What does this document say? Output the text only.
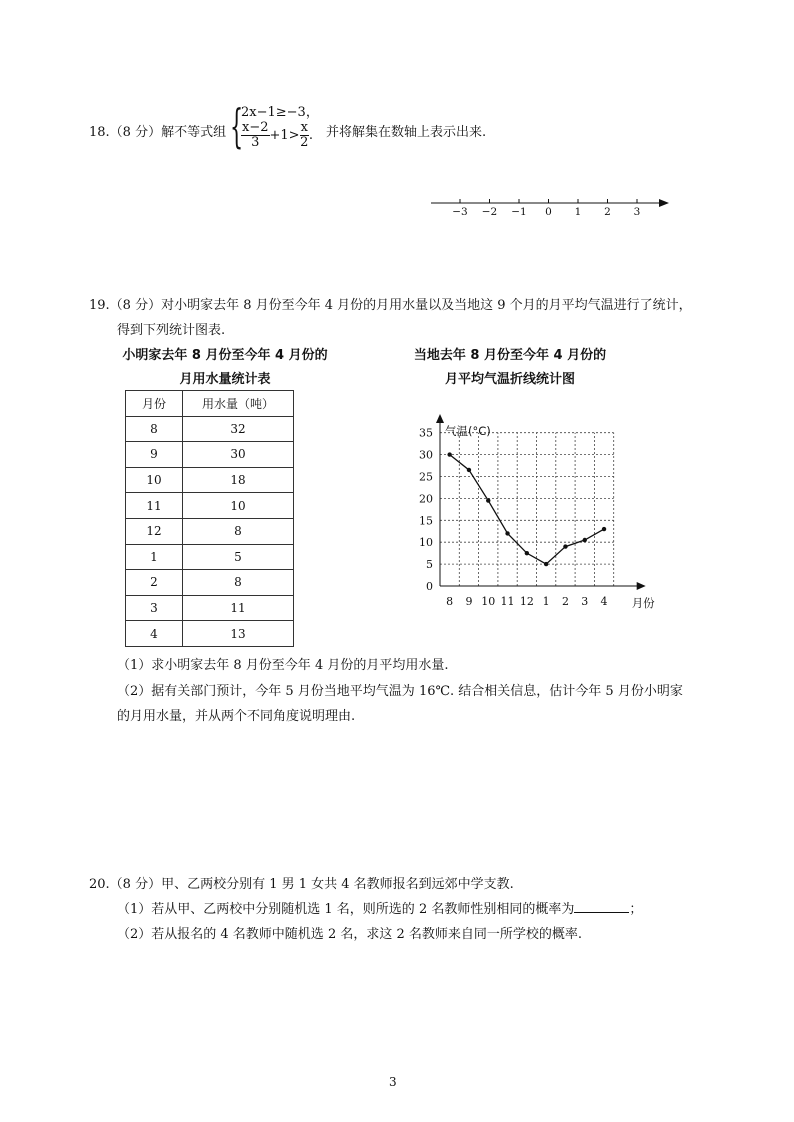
18.（8 分）解不等式组 {
2x−1≥−3，
$\frac{x-2}{3} +1> \frac{x}{2}$ . 并将解集在数轴上表示出来.
−3 −2 −1 0 1 2 3
19.（8 分）对小明家去年 8 月份至今年 4 月份的月用水量以及当地这 9 个月的月平均气温进行了统计，
得到下列统计图表.
小明家去年 8 月份至今年 4 月份的
月用水量统计表
当地去年 8 月份至今年 4 月份的
月平均气温折线统计图
月份	用水量（吨）
8	32
9	30
10	18
11	10
12	8
1	5
2	8
3	11
4	13
0
5
10
15
20
25
30
35
8 9 10 11 12 1 2 3 4
气温(°C)
月份
（1）求小明家去年 8 月份至今年 4 月份的月平均用水量.
（2）据有关部门预计，今年 5 月份当地平均气温为 16℃. 结合相关信息，估计今年 5 月份小明家
的月用水量，并从两个不同角度说明理由.
20.（8 分）甲、乙两校分别有 1 男 1 女共 4 名教师报名到远郊中学支教.
（1）若从甲、乙两校中分别随机选 1 名，则所选的 2 名教师性别相同的概率为	；
（2）若从报名的 4 名教师中随机选 2 名，求这 2 名教师来自同一所学校的概率.
3
